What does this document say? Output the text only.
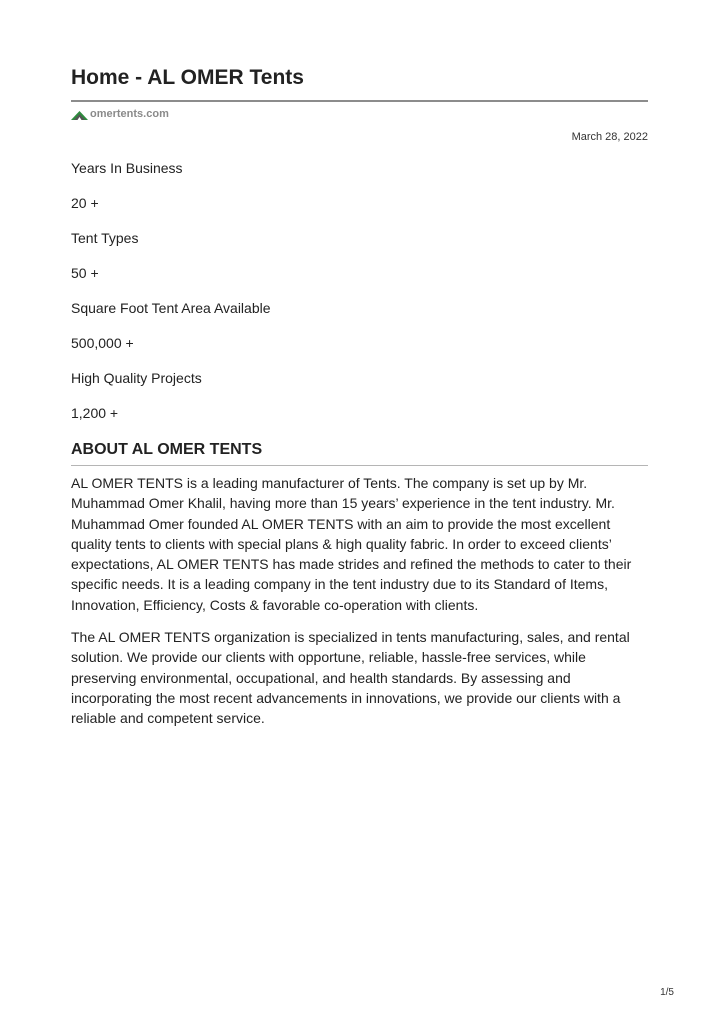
Home - AL OMER Tents
omertents.com
March 28, 2022
Years In Business
20 +
Tent Types
50 +
Square Foot Tent Area Available
500,000 +
High Quality Projects
1,200 +
ABOUT AL OMER TENTS

AL OMER TENTS is a leading manufacturer of Tents. The company is set up by Mr. Muhammad Omer Khalil, having more than 15 years’ experience in the tent industry. Mr. Muhammad Omer founded AL OMER TENTS with an aim to provide the most excellent quality tents to clients with special plans & high quality fabric. In order to exceed clients’ expectations, AL OMER TENTS has made strides and refined the methods to cater to their specific needs. It is a leading company in the tent industry due to its Standard of Items, Innovation, Efficiency, Costs & favorable co-operation with clients.

The AL OMER TENTS organization is specialized in tents manufacturing, sales, and rental solution. We provide our clients with opportune, reliable, hassle-free services, while preserving environmental, occupational, and health standards. By assessing and incorporating the most recent advancements in innovations, we provide our clients with a reliable and competent service.

1/5
